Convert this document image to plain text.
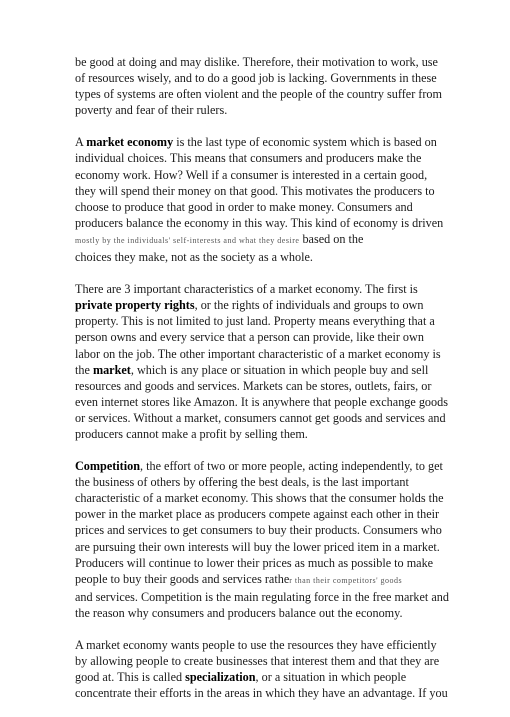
be good at doing and may dislike. Therefore, their motivation to work, use
of resources wisely, and to do a good job is lacking. Governments in these
types of systems are often violent and the people of the country suffer from
poverty and fear of their rulers.
A market economy is the last type of economic system which is based on
individual choices. This means that consumers and producers make the
economy work. How? Well if a consumer is interested in a certain good,
they will spend their money on that good. This motivates the producers to
choose to produce that good in order to make money. Consumers and
producers balance the economy in this way. This kind of economy is driven
mostly by the individuals' self-interests and what they desire based on the
choices they make, not as the society as a whole.
There are 3 important characteristics of a market economy. The first is
private property rights, or the rights of individuals and groups to own
property. This is not limited to just land. Property means everything that a
person owns and every service that a person can provide, like their own
labor on the job. The other important characteristic of a market economy is
the market, which is any place or situation in which people buy and sell
resources and goods and services. Markets can be stores, outlets, fairs, or
even internet stores like Amazon. It is anywhere that people exchange goods
or services. Without a market, consumers cannot get goods and services and
producers cannot make a profit by selling them.
Competition, the effort of two or more people, acting independently, to get
the business of others by offering the best deals, is the last important
characteristic of a market economy. This shows that the consumer holds the
power in the market place as producers compete against each other in their
prices and services to get consumers to buy their products. Consumers who
are pursuing their own interests will buy the lower priced item in a market.
Producers will continue to lower their prices as much as possible to make
people to buy their goods and services rather than their competitors' goods
and services. Competition is the main regulating force in the free market and
the reason why consumers and producers balance out the economy.
A market economy wants people to use the resources they have efficiently
by allowing people to create businesses that interest them and that they are
good at. This is called specialization, or a situation in which people
concentrate their efforts in the areas in which they have an advantage. If you
